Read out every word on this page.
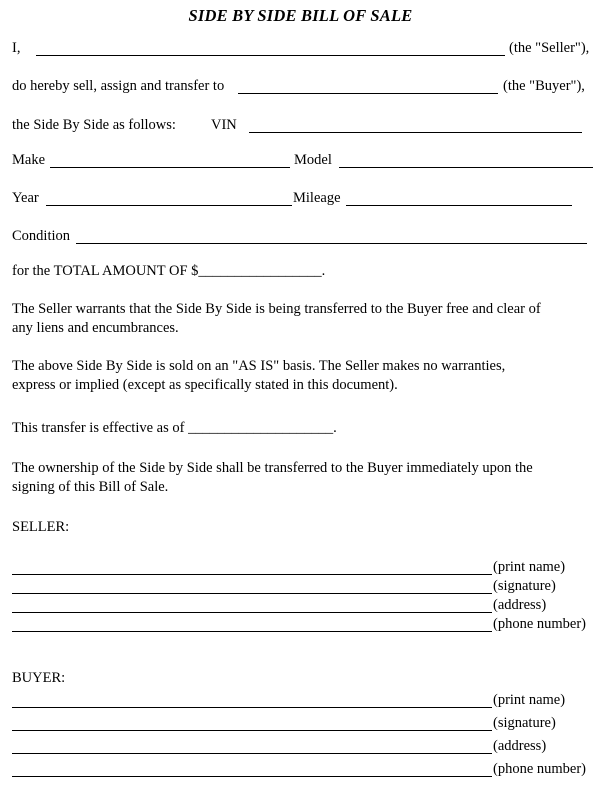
SIDE BY SIDE BILL OF SALE
I,	(the "Seller"),
do hereby sell, assign and transfer to	(the "Buyer"),
the Side By Side as follows: VIN
Make	Model
Year	Mileage
Condition
for the TOTAL AMOUNT OF $_________________.
The Seller warrants that the Side By Side is being transferred to the Buyer free and clear of
any liens and encumbrances.
The above Side By Side is sold on an "AS IS" basis. The Seller makes no warranties,
express or implied (except as specifically stated in this document).
This transfer is effective as of ____________________.
The ownership of the Side by Side shall be transferred to the Buyer immediately upon the
signing of this Bill of Sale.
SELLER:
(print name)
(signature)
(address)
(phone number)
BUYER:
(print name)
(signature)
(address)
(phone number)
